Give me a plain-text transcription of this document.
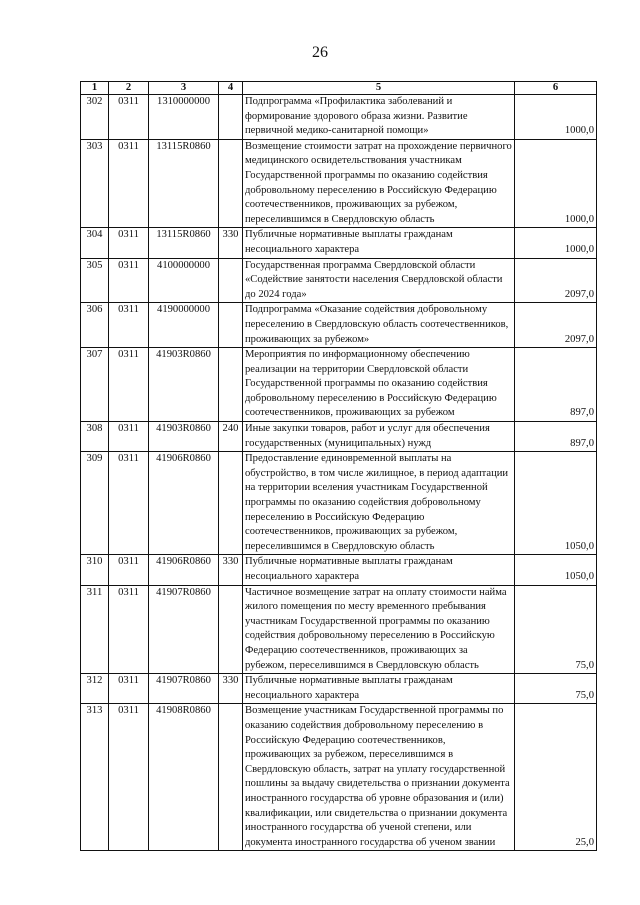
26
1	2	3	4	5	6
302	0311	1310000000		Подпрограмма «Профилактика заболеваний и формирование здорового образа жизни. Развитие первичной медико-санитарной помощи»	1000,0
303	0311	13115R0860		Возмещение стоимости затрат на прохождение первичного медицинского освидетельствования участникам Государственной программы по оказанию содействия добровольному переселению в Российскую Федерацию соотечественников, проживающих за рубежом, переселившимся в Свердловскую область	1000,0
304	0311	13115R0860	330	Публичные нормативные выплаты гражданам несоциального характера	1000,0
305	0311	4100000000		Государственная программа Свердловской области «Содействие занятости населения Свердловской области до 2024 года»	2097,0
306	0311	4190000000		Подпрограмма «Оказание содействия добровольному переселению в Свердловскую область соотечественников, проживающих за рубежом»	2097,0
307	0311	41903R0860		Мероприятия по информационному обеспечению реализации на территории Свердловской области Государственной программы по оказанию содействия добровольному переселению в Российскую Федерацию соотечественников, проживающих за рубежом	897,0
308	0311	41903R0860	240	Иные закупки товаров, работ и услуг для обеспечения государственных (муниципальных) нужд	897,0
309	0311	41906R0860		Предоставление единовременной выплаты на обустройство, в том числе жилищное, в период адаптации на территории вселения участникам Государственной программы по оказанию содействия добровольному переселению в Российскую Федерацию соотечественников, проживающих за рубежом, переселившимся в Свердловскую область	1050,0
310	0311	41906R0860	330	Публичные нормативные выплаты гражданам несоциального характера	1050,0
311	0311	41907R0860		Частичное возмещение затрат на оплату стоимости найма жилого помещения по месту временного пребывания участникам Государственной программы по оказанию содействия добровольному переселению в Российскую Федерацию соотечественников, проживающих за рубежом, переселившимся в Свердловскую область	75,0
312	0311	41907R0860	330	Публичные нормативные выплаты гражданам несоциального характера	75,0
313	0311	41908R0860		Возмещение участникам Государственной программы по оказанию содействия добровольному переселению в Российскую Федерацию соотечественников, проживающих за рубежом, переселившимся в Свердловскую область, затрат на уплату государственной пошлины за выдачу свидетельства о признании документа иностранного государства об уровне образования и (или) квалификации, или свидетельства о признании документа иностранного государства об ученой степени, или документа иностранного государства об ученом звании	25,0
